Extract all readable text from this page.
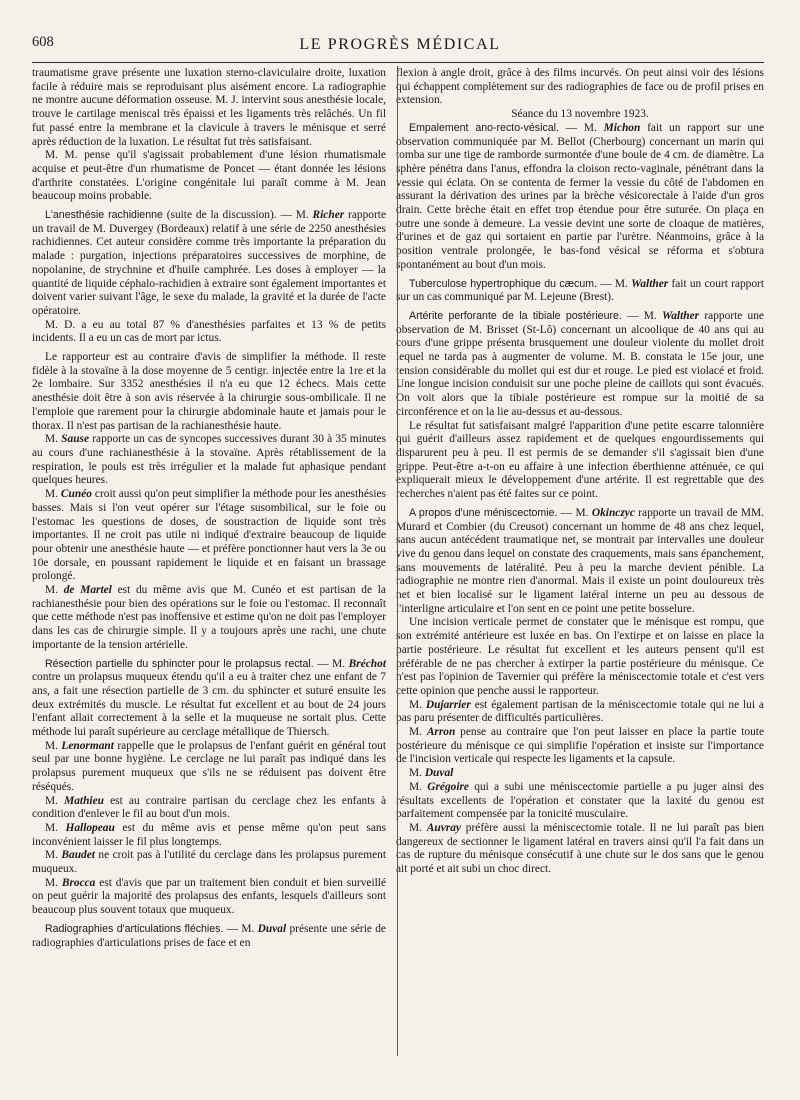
608	LE PROGRÈS MÉDICAL

traumatisme grave présente une luxation sterno-claviculaire droite, luxation facile à réduire mais se reproduisant plus aisément encore. La radiographie ne montre aucune déformation osseuse. M. J. intervint sous anesthésie locale, trouve le cartilage meniscal très épaissi et les ligaments très relâchés. Un fil fut passé entre la membrane et la clavicule à travers le ménisque et serré après réduction de la luxation. Le résultat fut très satisfaisant.

M. M. pense qu'il s'agissait probablement d'une lésion rhumatismale acquise et peut-être d'un rhumatisme de Poncet — étant donnée les lésions d'arthrite constatées. L'origine congénitale lui paraît comme à M. Jean beaucoup moins probable.

L'anesthésie rachidienne (suite de la discussion). — M. Richer rapporte un travail de M. Duvergey (Bordeaux) relatif à une série de 2250 anesthésies rachidiennes. Cet auteur considère comme très importante la préparation du malade : purgation, injections préparatoires successives de morphine, de nopolanine, de strychnine et d'huile camphrée. Les doses à employer — la quantité de liquide céphalo-rachidien à extraire sont également importantes et doivent varier suivant l'âge, le sexe du malade, la gravité et la durée de l'acte opératoire.

M. D. a eu au total 87 % d'anesthésies parfaites et 13 % de petits incidents. Il a eu un cas de mort par ictus.

Le rapporteur est au contraire d'avis de simplifier la méthode. Il reste fidèle à la stovaïne à la dose moyenne de 5 centigr. injectée entre la 1re et la 2e lombaire. Sur 3352 anesthésies il n'a eu que 12 échecs. Mais cette anesthésie doit être à son avis réservée à la chirurgie sous-ombilicale. Il ne l'emploie que rarement pour la chirurgie abdominale haute et jamais pour le thorax. Il n'est pas partisan de la rachianesthésie haute.

M. Sause rapporte un cas de syncopes successives durant 30 à 35 minutes au cours d'une rachianesthésie à la stovaïne. Après rétablissement de la respiration, le pouls est très irrégulier et la malade fut aphasique pendant quelques heures.

M. Cunéo croit aussi qu'on peut simplifier la méthode pour les anesthésies basses. Mais si l'on veut opérer sur l'étage susombilical, sur le foie ou l'estomac les questions de doses, de soustraction de liquide sont très importantes. Il ne croit pas utile ni indiqué d'extraire beaucoup de liquide pour obtenir une anesthésie haute — et préfère ponctionner haut vers la 3e ou 10e dorsale, en poussant rapidement le liquide et en faisant un brassage prolongé.

M. de Martel est du même avis que M. Cunéo et est partisan de la rachianesthésie pour bien des opérations sur le foie ou l'estomac. Il reconnaît que cette méthode n'est pas inoffensive et estime qu'on ne doit pas l'employer dans les cas de chirurgie simple. Il y a toujours après une rachi, une chute importante de la tension artérielle.

Résection partielle du sphincter pour le prolapsus rectal. — M. Bréchot contre un prolapsus muqueux étendu qu'il a eu à traiter chez une enfant de 7 ans, a fait une résection partielle de 3 cm. du sphincter et suturé ensuite les deux extrémités du muscle. Le résultat fut excellent et au bout de 24 jours l'enfant allait correctement à la selle et la muqueuse ne sortait plus. Cette méthode lui paraît supérieure au cerclage métallique de Thiersch.

M. Lenormant rappelle que le prolapsus de l'enfant guérit en général tout seul par une bonne hygiène. Le cerclage ne lui paraît pas indiqué dans les prolapsus purement muqueux que s'ils ne se réduisent pas doivent être réséqués.

M. Mathieu est au contraire partisan du cerclage chez les enfants à condition d'enlever le fil au bout d'un mois.

M. Hallopeau est du même avis et pense même qu'on peut sans inconvénient laisser le fil plus longtemps.

M. Baudet ne croit pas à l'utilité du cerclage dans les prolapsus purement muqueux.

M. Brocca est d'avis que par un traitement bien conduit et bien surveillé on peut guérir la majorité des prolapsus des enfants, lesquels d'ailleurs sont beaucoup plus souvent totaux que muqueux.

Radiographies d'articulations fléchies. — M. Duval présente une série de radiographies d'articulations prises de face et en

flexion à angle droit, grâce à des films incurvés. On peut ainsi voir des lésions qui échappent complètement sur des radiographies de face ou de profil prises en extension.

Séance du 13 novembre 1923.

Empalement ano-recto-vésical. — M. Michon fait un rapport sur une observation communiquée par M. Bellot (Cherbourg) concernant un marin qui tomba sur une tige de ramborde surmontée d'une boule de 4 cm. de diamètre. La sphère pénétra dans l'anus, effondra la cloison recto-vaginale, pénétrant dans la vessie qui éclata. On se contenta de fermer la vessie du côté de l'abdomen en assurant la dérivation des urines par la brèche vésicorectale à l'aide d'un gros drain. Cette brèche était en effet trop étendue pour être suturée. On plaça en outre une sonde à demeure. La vessie devint une sorte de cloaque de matières, d'urines et de gaz qui sortaient en partie par l'urètre. Néanmoins, grâce à la position ventrale prolongée, le bas-fond vésical se réforma et s'obtura spontanément au bout d'un mois.

Tuberculose hypertrophique du cæcum. — M. Walther fait un court rapport sur un cas communiqué par M. Lejeune (Brest).

Artérite perforante de la tibiale postérieure. — M. Walther rapporte une observation de M. Brisset (St-Lô) concernant un alcoolique de 40 ans qui au cours d'une grippe présenta brusquement une douleur violente du mollet droit lequel ne tarda pas à augmenter de volume. M. B. constata le 15e jour, une tension considérable du mollet qui est dur et rouge. Le pied est violacé et froid. Une longue incision conduisit sur une poche pleine de caillots qui sont évacués. On voit alors que la tibiale postérieure est rompue sur la moitié de sa circonférence et on la lie au-dessus et au-dessous.

Le résultat fut satisfaisant malgré l'apparition d'une petite escarre talonnière qui guérit d'ailleurs assez rapidement et de quelques engourdissements qui disparurent peu à peu. Il est permis de se demander s'il s'agissait bien d'une grippe. Peut-être a-t-on eu affaire à une infection éberthienne atténuée, ce qui expliquerait mieux le développement d'une artérite. Il est regrettable que des recherches n'aient pas été faites sur ce point.

A propos d'une méniscectomie. — M. Okinczyc rapporte un travail de MM. Murard et Combier (du Creusot) concernant un homme de 48 ans chez lequel, sans aucun antécédent traumatique net, se montrait par intervalles une douleur vive du genou dans lequel on constate des craquements, mais sans épanchement, sans mouvements de latéralité. Peu à peu la marche devient pénible. La radiographie ne montre rien d'anormal. Mais il existe un point douloureux très net et bien localisé sur le ligament latéral interne un peu au dessous de l'interligne articulaire et l'on sent en ce point une petite bosselure.

Une incision verticale permet de constater que le ménisque est rompu, que son extrémité antérieure est luxée en bas. On l'extirpe et on laisse en place la partie postérieure. Le résultat fut excellent et les auteurs pensent qu'il est préférable de ne pas chercher à extirper la partie postérieure du ménisque. Ce n'est pas l'opinion de Tavernier qui préfère la méniscectomie totale et c'est vers cette opinion que penche aussi le rapporteur.

M. Dujarrier est également partisan de la méniscectomie totale qui ne lui a pas paru présenter de difficultés particulières.

M. Arron pense au contraire que l'on peut laisser en place la partie toute postérieure du ménisque ce qui simplifie l'opération et insiste sur l'importance de l'incision verticale qui respecte les ligaments et la capsule.

M. Duval

M. Grégoire qui a subi une méniscectomie partielle a pu juger ainsi des résultats excellents de l'opération et constater que la laxité du genou est parfaitement compensée par la tonicité musculaire.

M. Auvray préfère aussi la méniscectomie totale. Il ne lui paraît pas bien dangereux de sectionner le ligament latéral en travers ainsi qu'il l'a fait dans un cas de rupture du ménisque consécutif à une chute sur le dos sans que le genou ait porté et ait subi un choc direct.
